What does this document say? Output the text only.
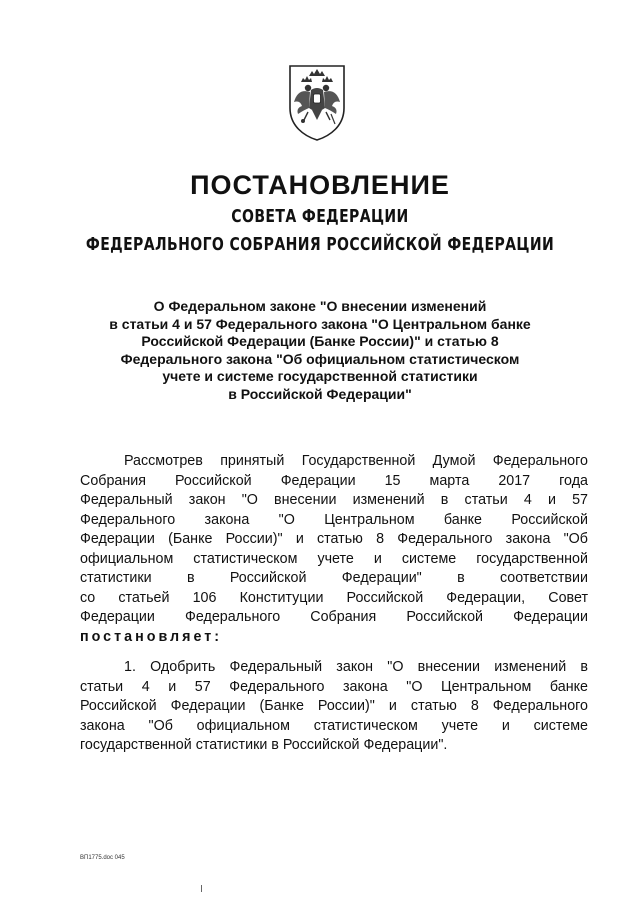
ПОСТАНОВЛЕНИЕ
СОВЕТА ФЕДЕРАЦИИ
ФЕДЕРАЛЬНОГО СОБРАНИЯ РОССИЙСКОЙ ФЕДЕРАЦИИ
О Федеральном законе "О внесении изменений
в статьи 4 и 57 Федерального закона "О Центральном банке
Российской Федерации (Банке России)" и статью 8
Федерального закона "Об официальном статистическом
учете и системе государственной статистики
в Российской Федерации"
Рассмотрев принятый Государственной Думой Федерального
Собрания Российской Федерации 15 марта 2017 года
Федеральный закон "О внесении изменений в статьи 4 и 57
Федерального закона "О Центральном банке Российской
Федерации (Банке России)" и статью 8 Федерального закона "Об
официальном статистическом учете и системе государственной
статистики в Российской Федерации" в соответствии
со статьей 106 Конституции Российской Федерации, Совет
Федерации Федерального Собрания Российской Федерации
постановляет:
1. Одобрить Федеральный закон "О внесении изменений в
статьи 4 и 57 Федерального закона "О Центральном банке
Российской Федерации (Банке России)" и статью 8 Федерального
закона "Об официальном статистическом учете и системе
государственной статистики в Российской Федерации".
ВП1775.doc 045
